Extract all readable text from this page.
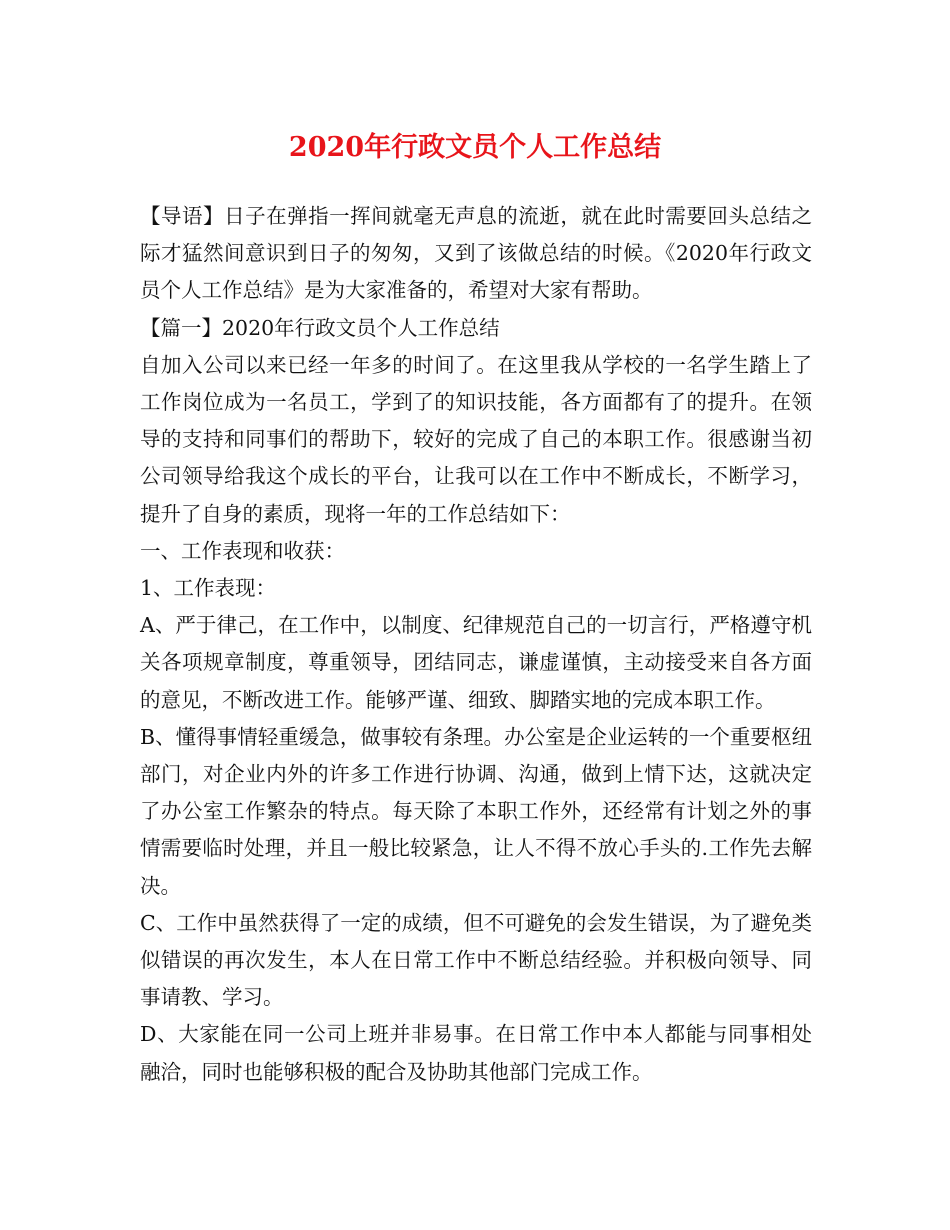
2020年行政文员个人工作总结

【导语】日子在弹指一挥间就毫无声息的流逝，就在此时需要回头总结之际才猛然间意识到日子的匆匆，又到了该做总结的时候。《2020年行政文员个人工作总结》是为大家准备的，希望对大家有帮助。

【篇一】2020年行政文员个人工作总结

自加入公司以来已经一年多的时间了。在这里我从学校的一名学生踏上了工作岗位成为一名员工，学到了的知识技能，各方面都有了的提升。在领导的支持和同事们的帮助下，较好的完成了自己的本职工作。很感谢当初公司领导给我这个成长的平台，让我可以在工作中不断成长，不断学习，提升了自身的素质，现将一年的工作总结如下：

一、工作表现和收获：

1、工作表现：

A、严于律己，在工作中，以制度、纪律规范自己的一切言行，严格遵守机关各项规章制度，尊重领导，团结同志，谦虚谨慎，主动接受来自各方面的意见，不断改进工作。能够严谨、细致、脚踏实地的完成本职工作。

B、懂得事情轻重缓急，做事较有条理。办公室是企业运转的一个重要枢纽部门，对企业内外的许多工作进行协调、沟通，做到上情下达，这就决定了办公室工作繁杂的特点。每天除了本职工作外，还经常有计划之外的事情需要临时处理，并且一般比较紧急，让人不得不放心手头的.工作先去解决。

C、工作中虽然获得了一定的成绩，但不可避免的会发生错误，为了避免类似错误的再次发生，本人在日常工作中不断总结经验。并积极向领导、同事请教、学习。

D、大家能在同一公司上班并非易事。在日常工作中本人都能与同事相处融洽，同时也能够积极的配合及协助其他部门完成工作。
